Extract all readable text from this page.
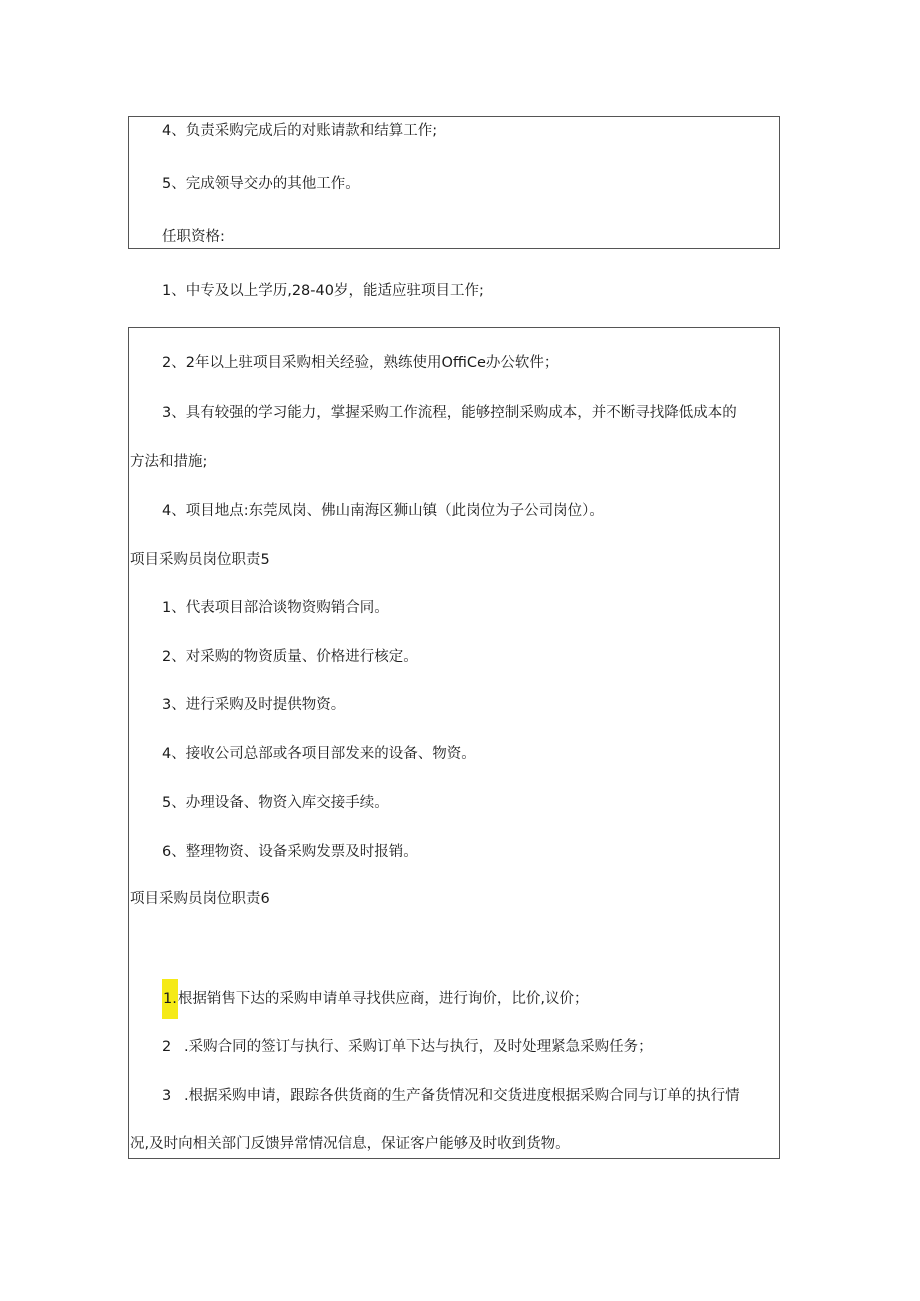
4、负责采购完成后的对账请款和结算工作;

5、完成领导交办的其他工作。

任职资格:

1、中专及以上学历,28-40岁，能适应驻项目工作;

2、2年以上驻项目采购相关经验，熟练使用OffiCe办公软件；

3、具有较强的学习能力，掌握采购工作流程，能够控制采购成本，并不断寻找降低成本的

方法和措施;

4、项目地点:东莞凤岗、佛山南海区狮山镇（此岗位为子公司岗位）。

项目采购员岗位职责5

1、代表项目部洽谈物资购销合同。

2、对采购的物资质量、价格进行核定。

3、进行采购及时提供物资。

4、接收公司总部或各项目部发来的设备、物资。

5、办理设备、物资入库交接手续。

6、整理物资、设备采购发票及时报销。

项目采购员岗位职责6

1.根据销售下达的采购申请单寻找供应商，进行询价，比价,议价；

2 .采购合同的签订与执行、采购订单下达与执行，及时处理紧急采购任务；

3 .根据采购申请，跟踪各供货商的生产备货情况和交货进度根据采购合同与订单的执行情

况,及时向相关部门反馈异常情况信息，保证客户能够及时收到货物。
